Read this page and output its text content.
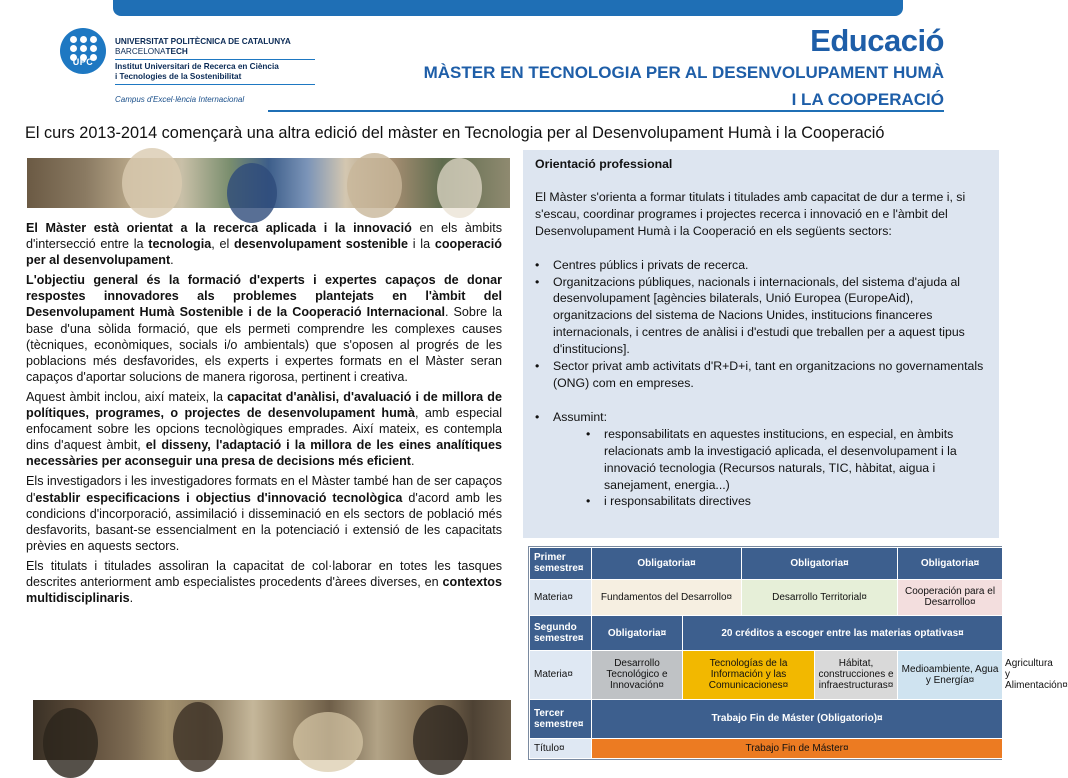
UPC
UNIVERSITAT POLITÈCNICA DE CATALUNYA
BARCELONATECH
Institut Universitari de Recerca en Ciència
i Tecnologies de la Sostenibilitat
Campus d'Excel·lència Internacional
Educació
MÀSTER EN TECNOLOGIA PER AL DESENVOLUPAMENT HUMÀ
I LA COOPERACIÓ
El curs 2013-2014 començarà una altra edició del màster en Tecnologia per al Desenvolupament Humà i la Cooperació

El Màster està orientat a la recerca aplicada i la innovació en els àmbits d'intersecció entre la tecnologia, el desenvolupament sostenible i la cooperació per al desenvolupament.

L'objectiu general és la formació d'experts i expertes capaços de donar respostes innovadores als problemes plantejats en l'àmbit del Desenvolupament Humà Sostenible i de la Cooperació Internacional. Sobre la base d'una sòlida formació, que els permeti comprendre les complexes causes (tècniques, econòmiques, socials i/o ambientals) que s'oposen al progrés de les poblacions més desfavorides, els experts i expertes formats en el Màster seran capaços d'aportar solucions de manera rigorosa, pertinent i creativa.

Aquest àmbit inclou, així mateix, la capacitat d'anàlisi, d'avaluació i de millora de polítiques, programes, o projectes de desenvolupament humà, amb especial enfocament sobre les opcions tecnològiques emprades. Així mateix, es contempla dins d'aquest àmbit, el disseny, l'adaptació i la millora de les eines analítiques necessàries per aconseguir una presa de decisions més eficient.

Els investigadors i les investigadores formats en el Màster també han de ser capaços d'establir especificacions i objectius d'innovació tecnològica d'acord amb les condicions d'incorporació, assimilació i disseminació en els sectors de població més desfavorits, basant-se essencialment en la potenciació i extensió de les capacitats prèvies en aquests sectors.

Els titulats i titulades assoliran la capacitat de col·laborar en totes les tasques descrites anteriorment amb especialistes procedents d'àrees diverses, en contextos multidisciplinaris.

Orientació professional

El Màster s'orienta a formar titulats i titulades amb capacitat de dur a terme i, si s'escau, coordinar programes i projectes recerca i innovació en e l'àmbit del Desenvolupament Humà i la Cooperació en els següents sectors:

• Centres públics i privats de recerca.
• Organitzacions públiques, nacionals i internacionals, del sistema d'ajuda al desenvolupament [agències bilaterals, Unió Europea (EuropeAid), organitzacions del sistema de Nacions Unides, institucions financeres internacionals, i centres de anàlisi i d'estudi que treballen per a aquest tipus d'institucions].
• Sector privat amb activitats d'R+D+i, tant en organitzacions no governamentals (ONG) com en empreses.
• Assumint:
• responsabilitats en aquestes institucions, en especial, en àmbits relacionats amb la investigació aplicada, el desenvolupament i la innovació tecnologia (Recursos naturals, TIC, hàbitat, aigua i sanejament, energia...)
• i responsabilitats directives
Primer semestre¤	Obligatoria¤		Obligatoria¤		Obligatoria¤	
Materia¤	Fundamentos del Desarrollo¤		Desarrollo Territorial¤		Cooperación para el Desarrollo¤	
Segundo semestre¤	Obligatoria¤	20 créditos a escoger entre las materias optativas¤				
Materia¤	Desarrollo Tecnológico e Innovación¤	Tecnologías de la Información y las Comunicaciones¤		Hábitat, construcciones e infraestructuras¤	Medioambiente, Agua y Energía¤	Agricultura y Alimentación¤
Tercer semestre¤	Trabajo Fin de Máster (Obligatorio)¤					
Título¤	Trabajo Fin de Máster¤					
